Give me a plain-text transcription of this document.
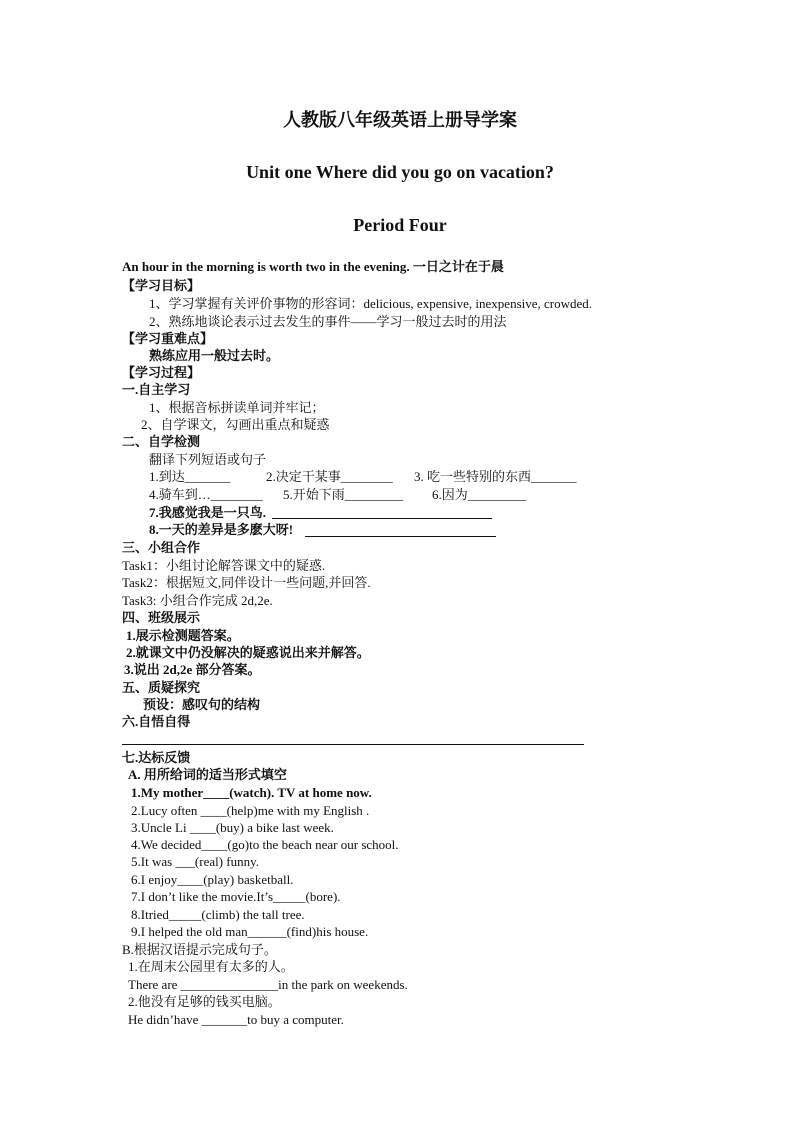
人教版八年级英语上册导学案
Unit one Where did you go on vacation?
Period Four
An hour in the morning is worth two in the evening. 一日之计在于晨
【学习目标】
1、学习掌握有关评价事物的形容词：delicious, expensive, inexpensive, crowded.
2、熟练地谈论表示过去发生的事件——学习一般过去时的用法
【学习重难点】
熟练应用一般过去时。
【学习过程】
一.自主学习
1、根据音标拼读单词并牢记；
2、自学课文，勾画出重点和疑惑
二、自学检测
翻译下列短语或句子
1.到达_______	2.决定干某事________ 3. 吃一些特别的东西_______
4.骑车到…________ 5.开始下雨_________ 6.因为_________
7.我感觉我是一只鸟.
8.一天的差异是多麽大呀!
三、小组合作
Task1：小组讨论解答课文中的疑惑.
Task2：根据短文,同伴设计一些问题,并回答.
Task3: 小组合作完成 2d,2e.
四、班级展示
1.展示检测题答案。
2.就课文中仍没解决的疑惑说出来并解答。
3.说出 2d,2e 部分答案。
五、质疑探究
预设：感叹句的结构
六.自悟自得
七.达标反馈
A. 用所给词的适当形式填空
1.My mother____(watch). TV at home now.
2.Lucy often ____(help)me with my English .
3.Uncle Li ____(buy) a bike last week.
4.We decided____(go)to the beach near our school.
5.It was ___(real) funny.
6.I enjoy____(play) basketball.
7.I don’t like the movie.It’s_____(bore).
8.Itried_____(climb) the tall tree.
9.I helped the old man______(find)his house.
B.根据汉语提示完成句子。
1.在周末公园里有太多的人。
There are _______________in the park on weekends.
2.他没有足够的钱买电脑。
He didn’have _______to buy a computer.
